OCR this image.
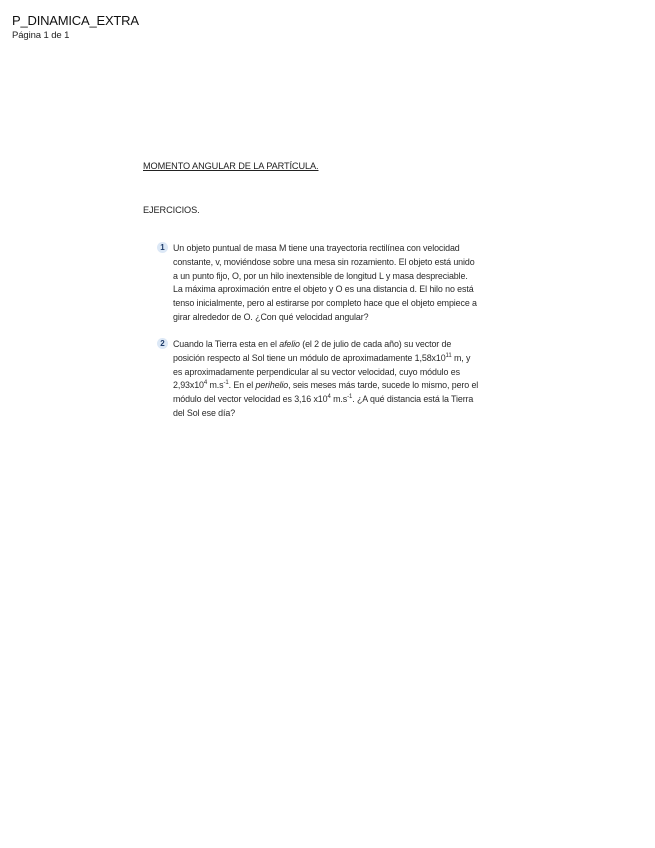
P_DINAMICA_EXTRA
Página 1 de 1

MOMENTO ANGULAR DE LA PARTÍCULA.

EJERCICIOS.
1 Un objeto puntual de masa M tiene una trayectoria rectilínea con velocidad
constante, v, moviéndose sobre una mesa sin rozamiento. El objeto está unido
a un punto fijo, O, por un hilo inextensible de longitud L y masa despreciable.
La máxima aproximación entre el objeto y O es una distancia d. El hilo no está
tenso inicialmente, pero al estirarse por completo hace que el objeto empiece a
girar alrededor de O. ¿Con qué velocidad angular?
2 Cuando la Tierra esta en el afelio (el 2 de julio de cada año) su vector de
posición respecto al Sol tiene un módulo de aproximadamente $1,58x10^{11}$ m, y
es aproximadamente perpendicular al su vector velocidad, cuyo módulo es
$2,93x10^4$ $m.s^{-1}$. En el perihelio, seis meses más tarde, sucede lo mismo, pero el
módulo del vector velocidad es 3,16 $x10^4$ $m.s^{-1}$. ¿A qué distancia está la Tierra
del Sol ese día?
